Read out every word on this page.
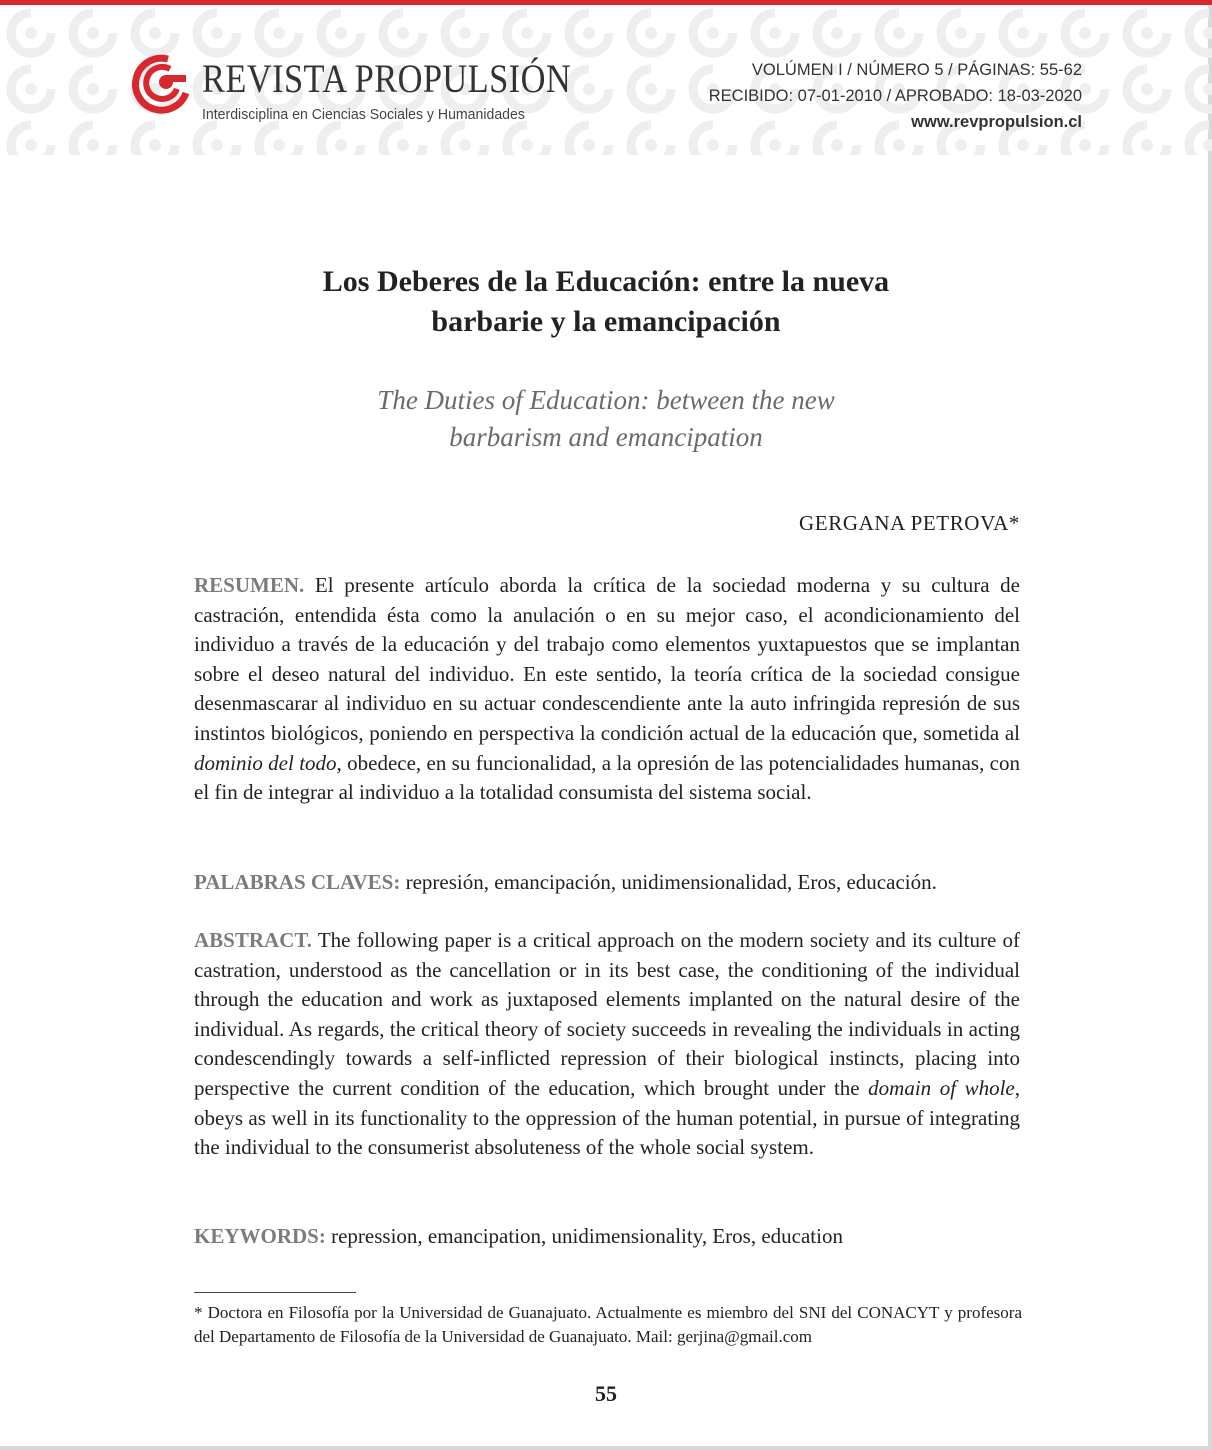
REVISTA PROPULSIÓN
Interdisciplina en Ciencias Sociales y Humanidades
VOLÚMEN I / NÚMERO 5 / PÁGINAS: 55-62
RECIBIDO: 07-01-2010 / APROBADO: 18-03-2020
www.revpropulsion.cl
Los Deberes de la Educación: entre la nueva
barbarie y la emancipación
The Duties of Education: between the new
barbarism and emancipation
GERGANA PETROVA*
RESUMEN. El presente artículo aborda la crítica de la sociedad moderna y su cultura de castración, entendida ésta como la anulación o en su mejor caso, el acondicionamiento del individuo a través de la educación y del trabajo como elementos yuxtapuestos que se implantan sobre el deseo natural del individuo. En este sentido, la teoría crítica de la sociedad consigue desenmascarar al individuo en su actuar condescendiente ante la auto infringida represión de sus instintos biológicos, poniendo en perspectiva la condición actual de la educación que, sometida al dominio del todo, obedece, en su funcionalidad, a la opresión de las potencialidades humanas, con el fin de integrar al individuo a la totalidad consumista del sistema social.
PALABRAS CLAVES: represión, emancipación, unidimensionalidad, Eros, educación.
ABSTRACT. The following paper is a critical approach on the modern society and its culture of castration, understood as the cancellation or in its best case, the conditioning of the individual through the education and work as juxtaposed elements implanted on the natural desire of the individual. As regards, the critical theory of society succeeds in revealing the individuals in acting condescendingly towards a self-inflicted repression of their biological instincts, placing into perspective the current condition of the education, which brought under the domain of whole, obeys as well in its functionality to the oppression of the human potential, in pursue of integrating the individual to the consumerist absoluteness of the whole social system.
KEYWORDS: repression, emancipation, unidimensionality, Eros, education
* Doctora en Filosofía por la Universidad de Guanajuato. Actualmente es miembro del SNI del CONACYT y profesora del Departamento de Filosofía de la Universidad de Guanajuato. Mail: gerjina@gmail.com
55
